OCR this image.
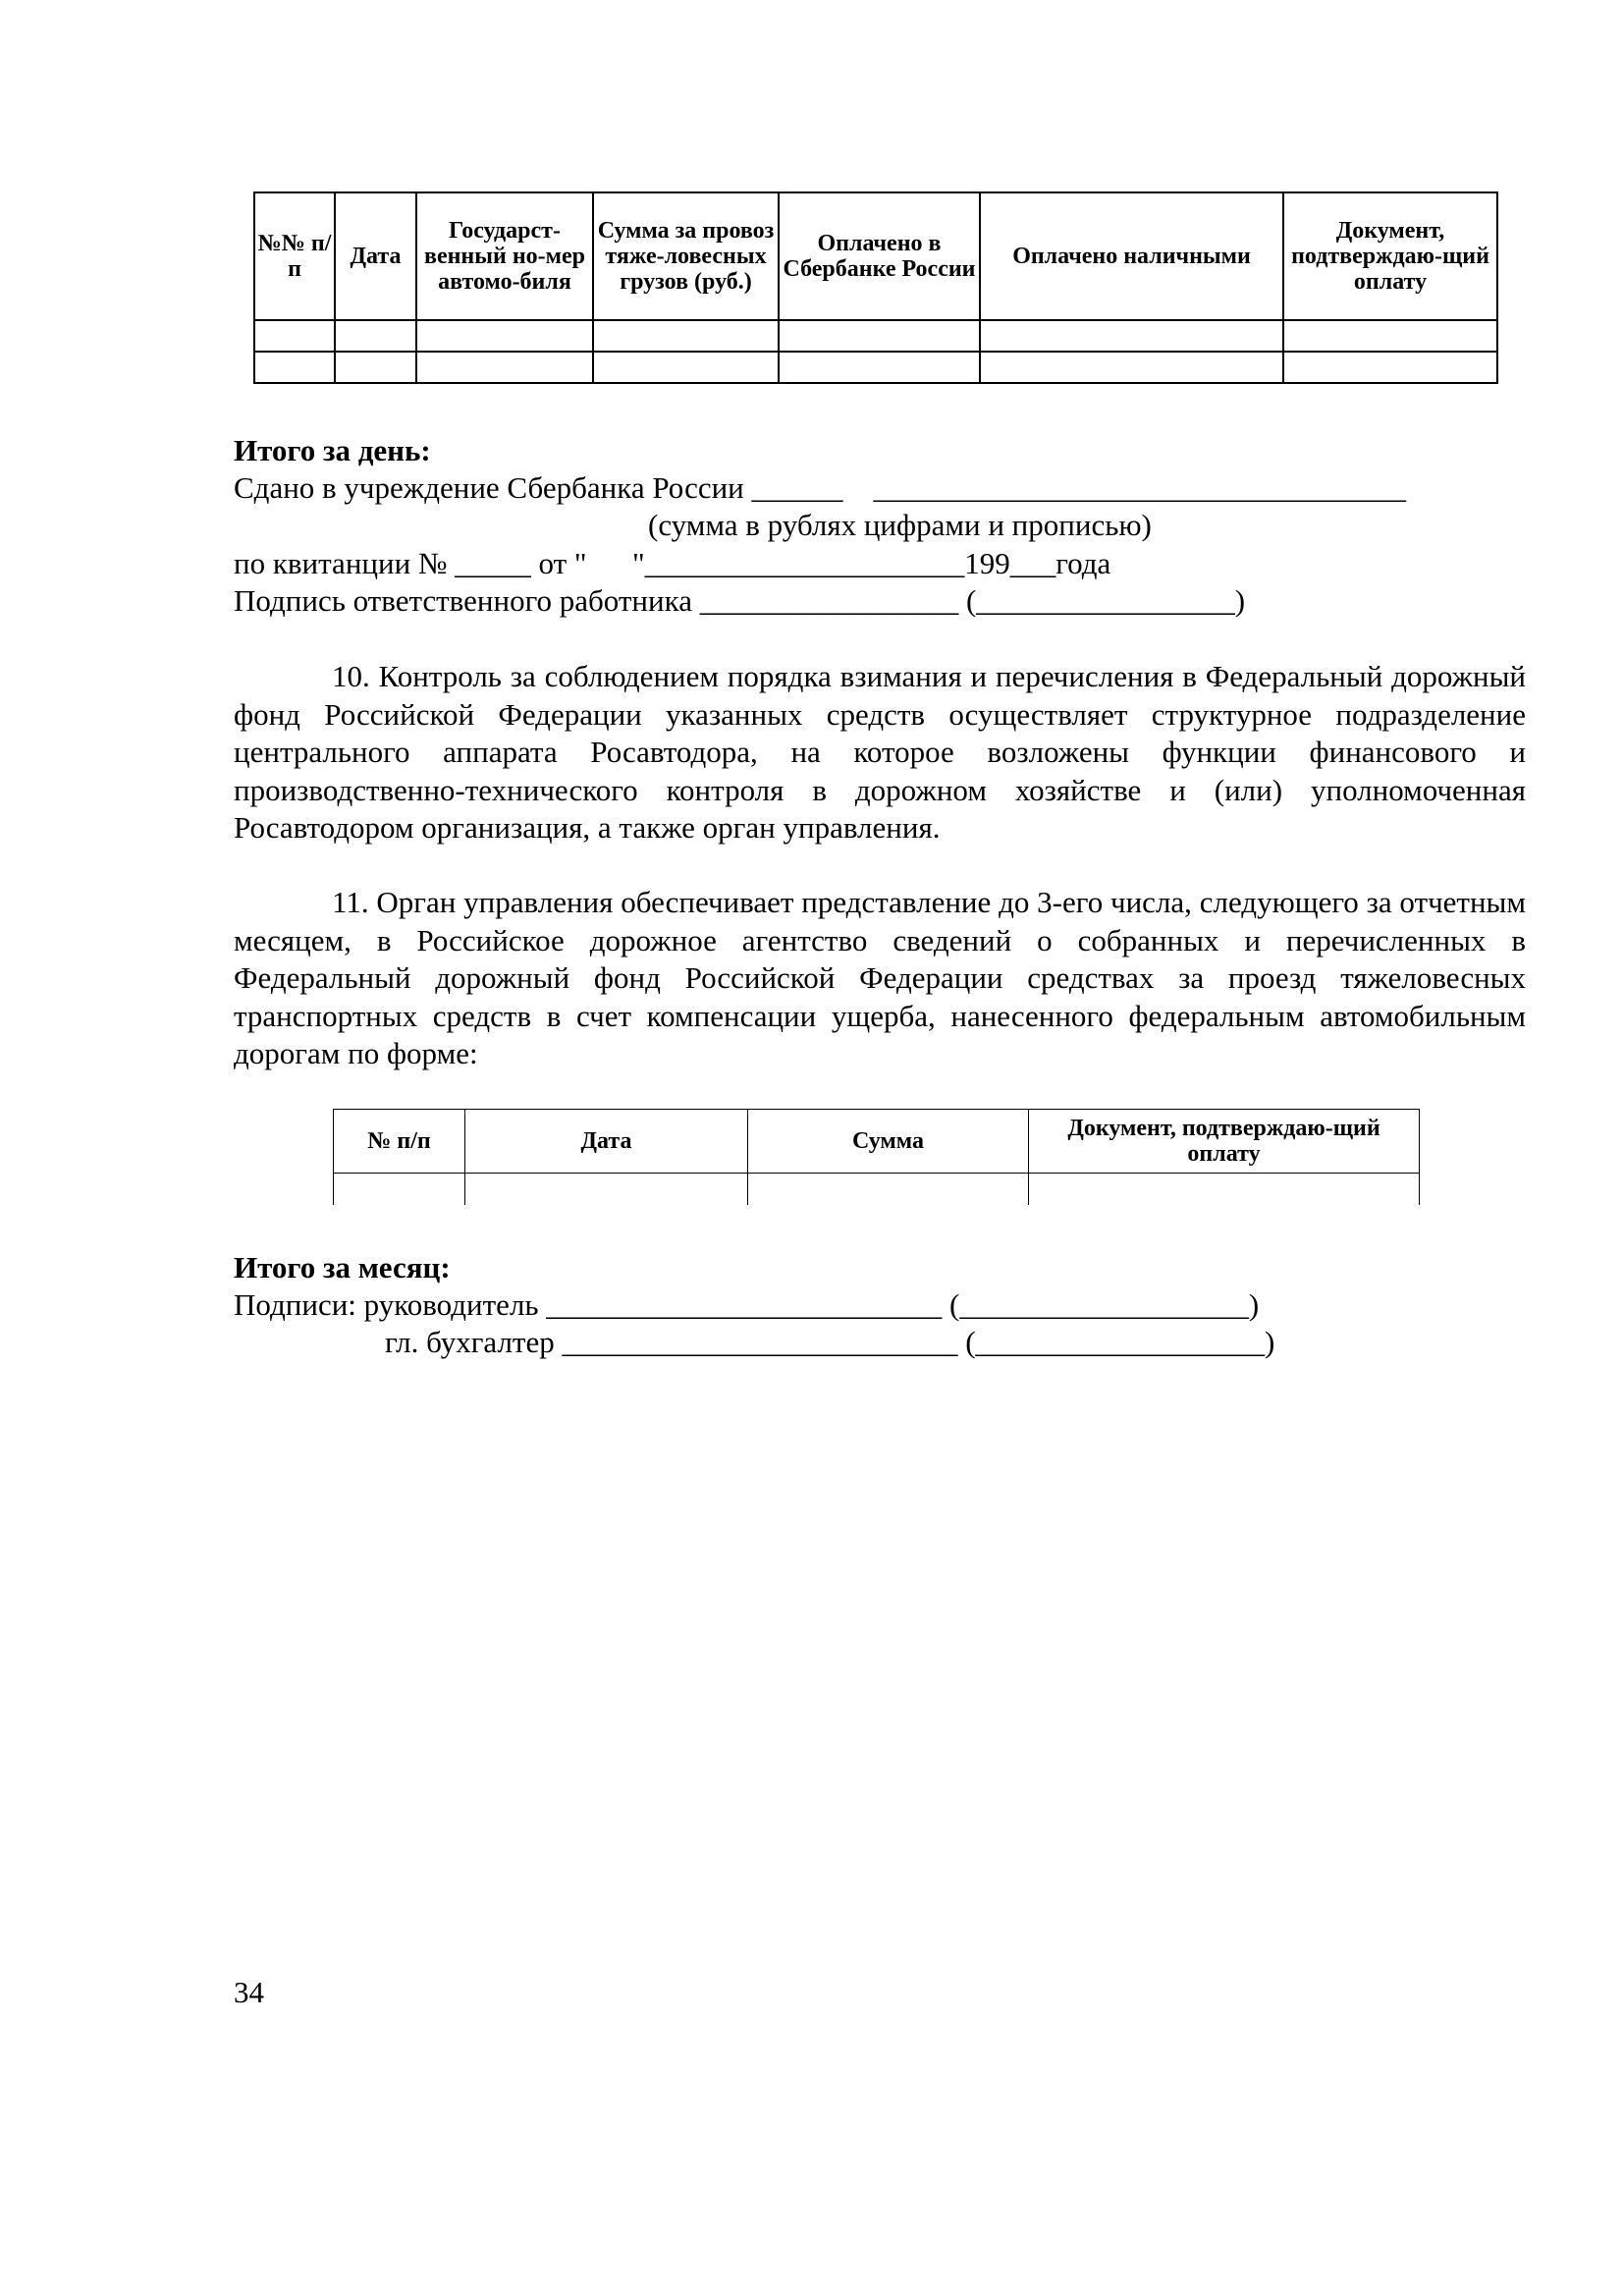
№№ п/п	Дата	Государст-венный но-мер автомо-биля	Сумма за провоз тяже-ловесных грузов (руб.)	Оплачено в Сбербанке России	Оплачено наличными	Документ, подтверждаю-щий оплату

Итого за день:
Сдано в учреждение Сбербанка России ______    ___________________________________
(сумма в рублях цифрами и прописью)
по квитанции № _____ от "      "_____________________199___года
Подпись ответственного работника _________________ (_________________)
10. Контроль за соблюдением порядка взимания и перечисления в Федеральный дорожный фонд Российской Федерации указанных средств осуществляет структурное подразделение центрального аппарата Росавтодора, на которое возложены функции финансового и производственно-технического контроля в дорожном хозяйстве и (или) уполномоченная Росавтодором организация, а также орган управления.
11. Орган управления обеспечивает представление до 3-его числа, следующего за отчетным месяцем, в Российское дорожное агентство сведений о собранных и перечисленных в Федеральный дорожный фонд Российской Федерации средствах за проезд тяжеловесных транспортных средств в счет компенсации ущерба, нанесенного федеральным автомобильным дорогам по форме:
№ п/п	Дата	Сумма	Документ, подтверждаю-щий оплату

Итого за месяц:
Подписи: руководитель __________________________ (___________________)
гл. бухгалтер __________________________ (___________________)
34
